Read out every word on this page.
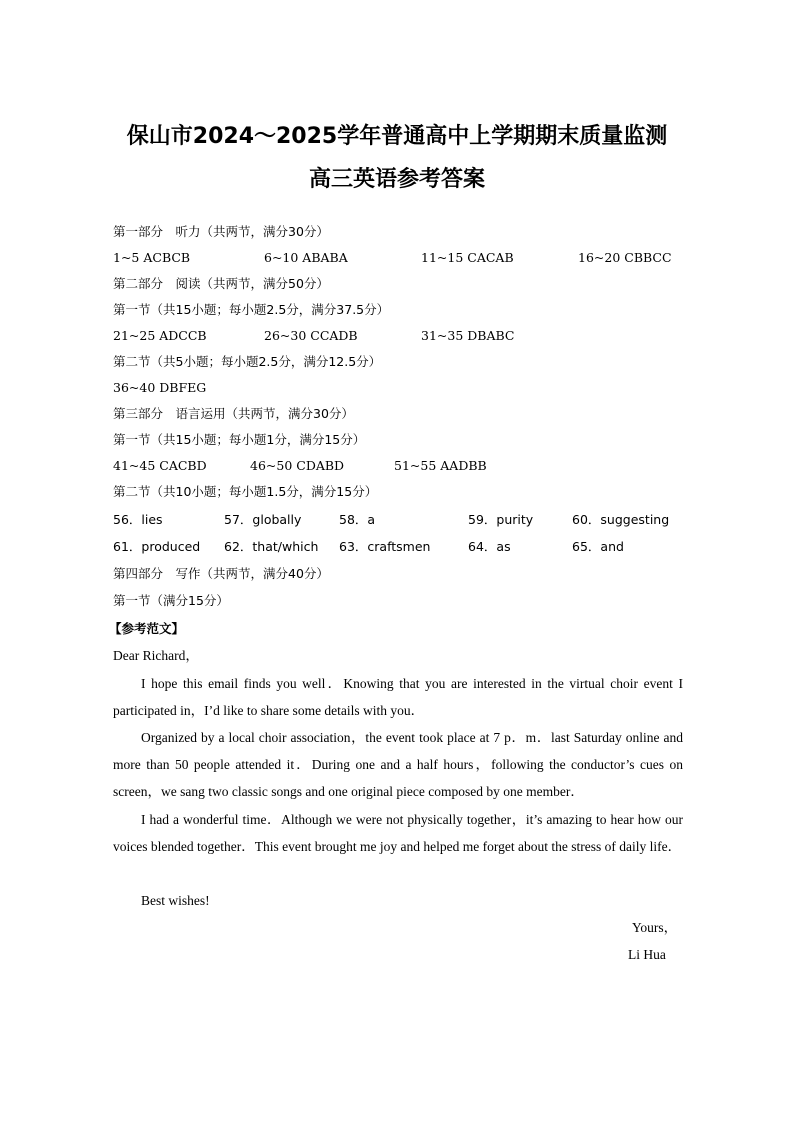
保山市2024～2025学年普通高中上学期期末质量监测
高三英语参考答案
第一部分　听力（共两节，满分30分）
1~5 ACBCB	6~10 ABABA	11~15 CACAB	16~20 CBBCC
第二部分　阅读（共两节，满分50分）
第一节（共15小题；每小题2.5分，满分37.5分）
21~25 ADCCB	26~30 CCADB	31~35 DBABC
第二节（共5小题；每小题2.5分，满分12.5分）
36~40 DBFEG
第三部分　语言运用（共两节，满分30分）
第一节（共15小题；每小题1分，满分15分）
41~45 CACBD	46~50 CDABD	51~55 AADBB
第二节（共10小题；每小题1.5分，满分15分）
56．lies	57．globally	58．a	59．purity	60．suggesting
61．produced 62．that/which 63．craftsmen	64．as	65．and
第四部分　写作（共两节，满分40分）
第一节（满分15分）
【参考范文】
Dear Richard，

I hope this email finds you well．Knowing that you are interested in the virtual choir event I participated in，I’d like to share some details with you．

Organized by a local choir association，the event took place at 7 p．m．last Saturday online and more than 50 people attended it．During one and a half hours，following the conductor’s cues on screen，we sang two classic songs and one original piece composed by one member．

I had a wonderful time．Although we were not physically together，it’s amazing to hear how our voices blended together．This event brought me joy and helped me forget about the stress of daily life．

Best wishes!
Yours，
Li Hua
